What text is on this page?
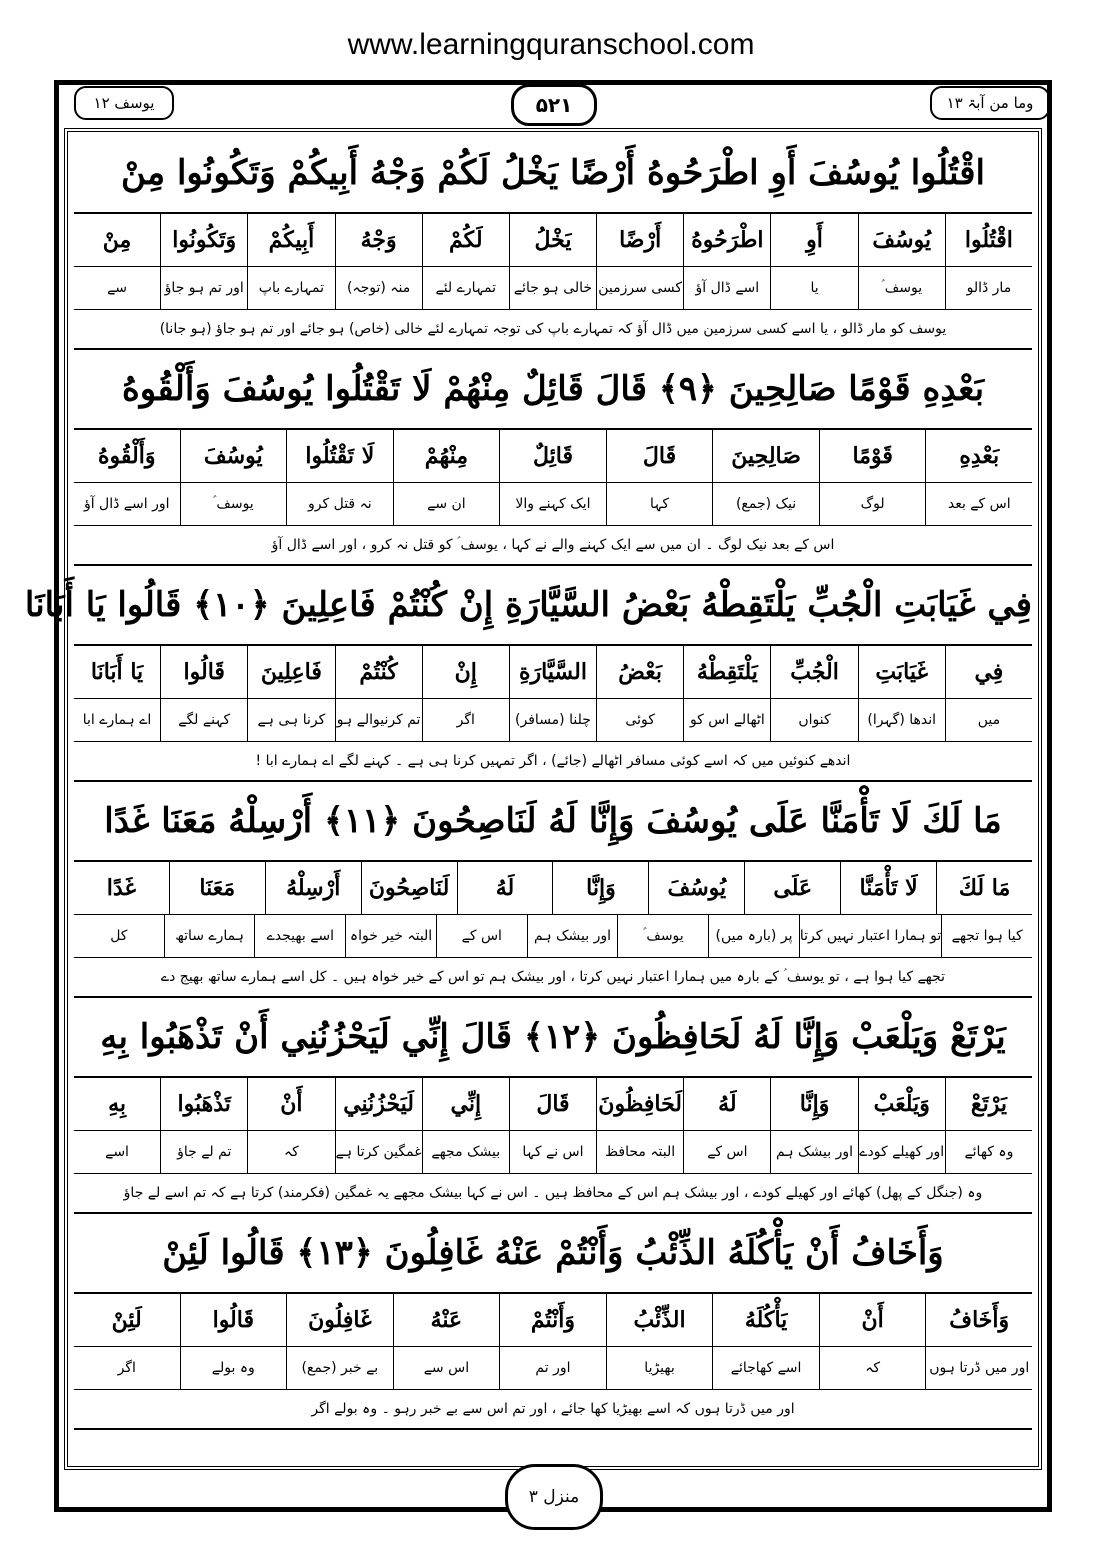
www.learningquranschool.com
یوسف ۱۲	۵۲۱	وما من آبۃ ۱۳
اقْتُلُوا يُوسُفَ أَوِ اطْرَحُوهُ أَرْضًا يَخْلُ لَكُمْ وَجْهُ أَبِيكُمْ وَتَكُونُوا مِنْ
اقْتُلُوا
يُوسُفَ
أَوِ
اطْرَحُوهُ
أَرْضًا
يَخْلُ
لَكُمْ
وَجْهُ
أَبِيكُمْ
وَتَكُونُوا
مِنْ
مار ڈالو
یوسف ؑ
یا
اسے ڈال آؤ
کسی سرزمین
خالی ہو جائے
تمہارے لئے
منہ (توجہ)
تمہارے باپ
اور تم ہو جاؤ
سے
یوسف کو مار ڈالو ، یا اسے کسی سرزمین میں ڈال آؤ کہ تمہارے باپ کی توجہ تمہارے لئے خالی (خاص) ہو جائے اور تم ہو جاؤ (ہو جانا)
بَعْدِهِ قَوْمًا صَالِحِينَ ﴿٩﴾ قَالَ قَائِلٌ مِنْهُمْ لَا تَقْتُلُوا يُوسُفَ وَأَلْقُوهُ
بَعْدِهِ
قَوْمًا
صَالِحِينَ
قَالَ
قَائِلٌ
مِنْهُمْ
لَا تَقْتُلُوا
يُوسُفَ
وَأَلْقُوهُ
اس کے بعد
لوگ
نیک (جمع)
کہا
ایک کہنے والا
ان سے
نہ قتل کرو
یوسف ؑ
اور اسے ڈال آؤ
اس کے بعد نیک لوگ ۔ ان میں سے ایک کہنے والے نے کہا ، یوسف ؑ کو قتل نہ کرو ، اور اسے ڈال آؤ
فِي غَيَابَتِ الْجُبِّ يَلْتَقِطْهُ بَعْضُ السَّيَّارَةِ إِنْ كُنْتُمْ فَاعِلِينَ ﴿١٠﴾ قَالُوا يَا أَبَانَا
فِي
غَيَابَتِ
الْجُبِّ
يَلْتَقِطْهُ
بَعْضُ
السَّيَّارَةِ
إِنْ
كُنْتُمْ
فَاعِلِينَ
قَالُوا
يَا أَبَانَا
میں
اندھا (گہرا)
کنواں
اٹھالے اس کو
کوئی
چلنا (مسافر)
اگر
تم کرنیوالے ہو
کرنا ہی ہے
کہنے لگے
اے ہمارے ابا
اندھے کنوئیں میں کہ اسے کوئی مسافر اٹھالے (جائے) ، اگر تمہیں کرنا ہی ہے ۔ کہنے لگے اے ہمارے ابا !
مَا لَكَ لَا تَأْمَنَّا عَلَى يُوسُفَ وَإِنَّا لَهُ لَنَاصِحُونَ ﴿١١﴾ أَرْسِلْهُ مَعَنَا غَدًا
مَا لَكَ
لَا تَأْمَنَّا
عَلَى
يُوسُفَ
وَإِنَّا
لَهُ
لَنَاصِحُونَ
أَرْسِلْهُ
مَعَنَا
غَدًا
کیا ہوا تجھے
تو ہمارا اعتبار نہیں کرتا
پر (بارہ میں)
یوسف ؑ
اور بیشک ہم
اس کے
البتہ خیر خواہ
اسے بھیجدے
ہمارے ساتھ
کل
تجھے کیا ہوا ہے ، تو یوسف ؑ کے بارہ میں ہمارا اعتبار نہیں کرتا ، اور بیشک ہم تو اس کے خیر خواہ ہیں ۔ کل اسے ہمارے ساتھ بھیج دے
يَرْتَعْ وَيَلْعَبْ وَإِنَّا لَهُ لَحَافِظُونَ ﴿١٢﴾ قَالَ إِنِّي لَيَحْزُنُنِي أَنْ تَذْهَبُوا بِهِ
يَرْتَعْ
وَيَلْعَبْ
وَإِنَّا
لَهُ
لَحَافِظُونَ
قَالَ
إِنِّي
لَيَحْزُنُنِي
أَنْ
تَذْهَبُوا
بِهِ
وہ کھائے
اور کھیلے کودے
اور بیشک ہم
اس کے
البتہ محافظ
اس نے کہا
بیشک مجھے
غمگین کرتا ہے
کہ
تم لے جاؤ
اسے
وہ (جنگل کے پھل) کھائے اور کھیلے کودے ، اور بیشک ہم اس کے محافظ ہیں ۔ اس نے کہا بیشک مجھے یہ غمگین (فکرمند) کرتا ہے کہ تم اسے لے جاؤ
وَأَخَافُ أَنْ يَأْكُلَهُ الذِّئْبُ وَأَنْتُمْ عَنْهُ غَافِلُونَ ﴿١٣﴾ قَالُوا لَئِنْ
وَأَخَافُ
أَنْ
يَأْكُلَهُ
الذِّئْبُ
وَأَنْتُمْ
عَنْهُ
غَافِلُونَ
قَالُوا
لَئِنْ
اور میں ڈرتا ہوں
کہ
اسے کھاجائے
بھیڑیا
اور تم
اس سے
بے خبر (جمع)
وہ بولے
اگر
اور میں ڈرتا ہوں کہ اسے بھیڑیا کھا جائے ، اور تم اس سے بے خبر رہو ۔ وہ بولے اگر
منزل ۳
